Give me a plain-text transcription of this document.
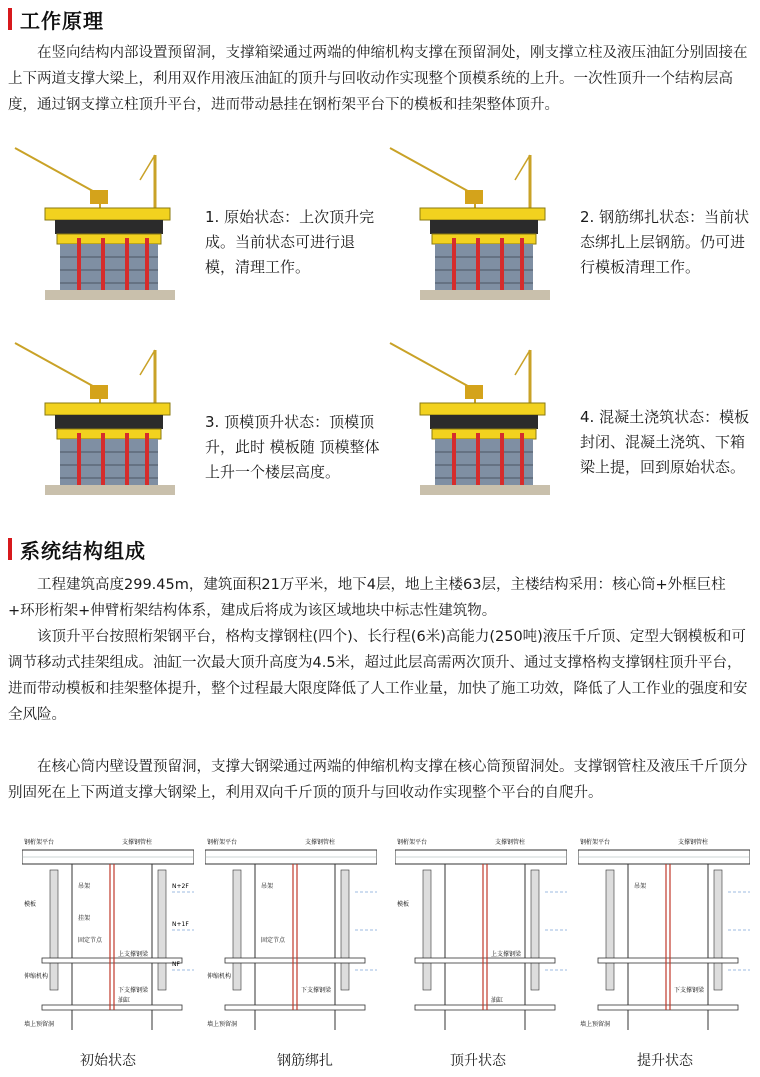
工作原理

在竖向结构内部设置预留洞，支撑箱梁通过两端的伸缩机构支撑在预留洞处，刚支撑立柱及液压油缸分别固接在上下两道支撑大梁上，利用双作用液压油缸的顶升与回收动作实现整个顶模系统的上升。一次性顶升一个结构层高度，通过钢支撑立柱顶升平台，进而带动悬挂在钢桁架平台下的模板和挂架整体顶升。

1. 原始状态：上次顶升完成。当前状态可进行退模，清理工作。

2. 钢筋绑扎状态：当前状态绑扎上层钢筋。仍可进行模板清理工作。

3. 顶模顶升状态：顶模顶升，此时 模板随 顶模整体上升一个楼层高度。

4. 混凝土浇筑状态：模板封闭、混凝土浇筑、下箱梁上提，回到原始状态。

系统结构组成

工程建筑高度299.45m，建筑面积21万平米，地下4层，地上主楼63层，主楼结构采用：核心筒+外框巨柱+环形桁架+伸臂桁架结构体系，建成后将成为该区域地块中标志性建筑物。

该顶升平台按照桁架钢平台，格构支撑钢柱(四个)、长行程(6米)高能力(250吨)液压千斤顶、定型大钢模板和可调节移动式挂架组成。油缸一次最大顶升高度为4.5米，超过此层高需两次顶升、通过支撑格构支撑钢柱顶升平台，进而带动模板和挂架整体提升，整个过程最大限度降低了人工作业量，加快了施工功效，降低了人工作业的强度和安全风险。

在核心筒内壁设置预留洞，支撑大钢梁通过两端的伸缩机构支撑在核心筒预留洞处。支撑钢管柱及液压千斤顶分别固死在上下两道支撑大钢梁上，利用双向千斤顶的顶升与回收动作实现整个平台的自爬升。

钢桁架平台	支撑钢管柱
吊架
模板
挂架
固定节点
上支撑钢梁
伸缩机构
下支撑钢梁
油缸
墙上预留洞
N+2F
N+1F
NF
初始状态
钢桁架平台	支撑钢管柱
吊架
固定节点
伸缩机构
下支撑钢梁
墙上预留洞
钢筋绑扎
钢桁架平台	支撑钢管柱
模板
上支撑钢梁
油缸
顶升状态
钢桁架平台	支撑钢管柱
吊架
下支撑钢梁
墙上预留洞
提升状态
